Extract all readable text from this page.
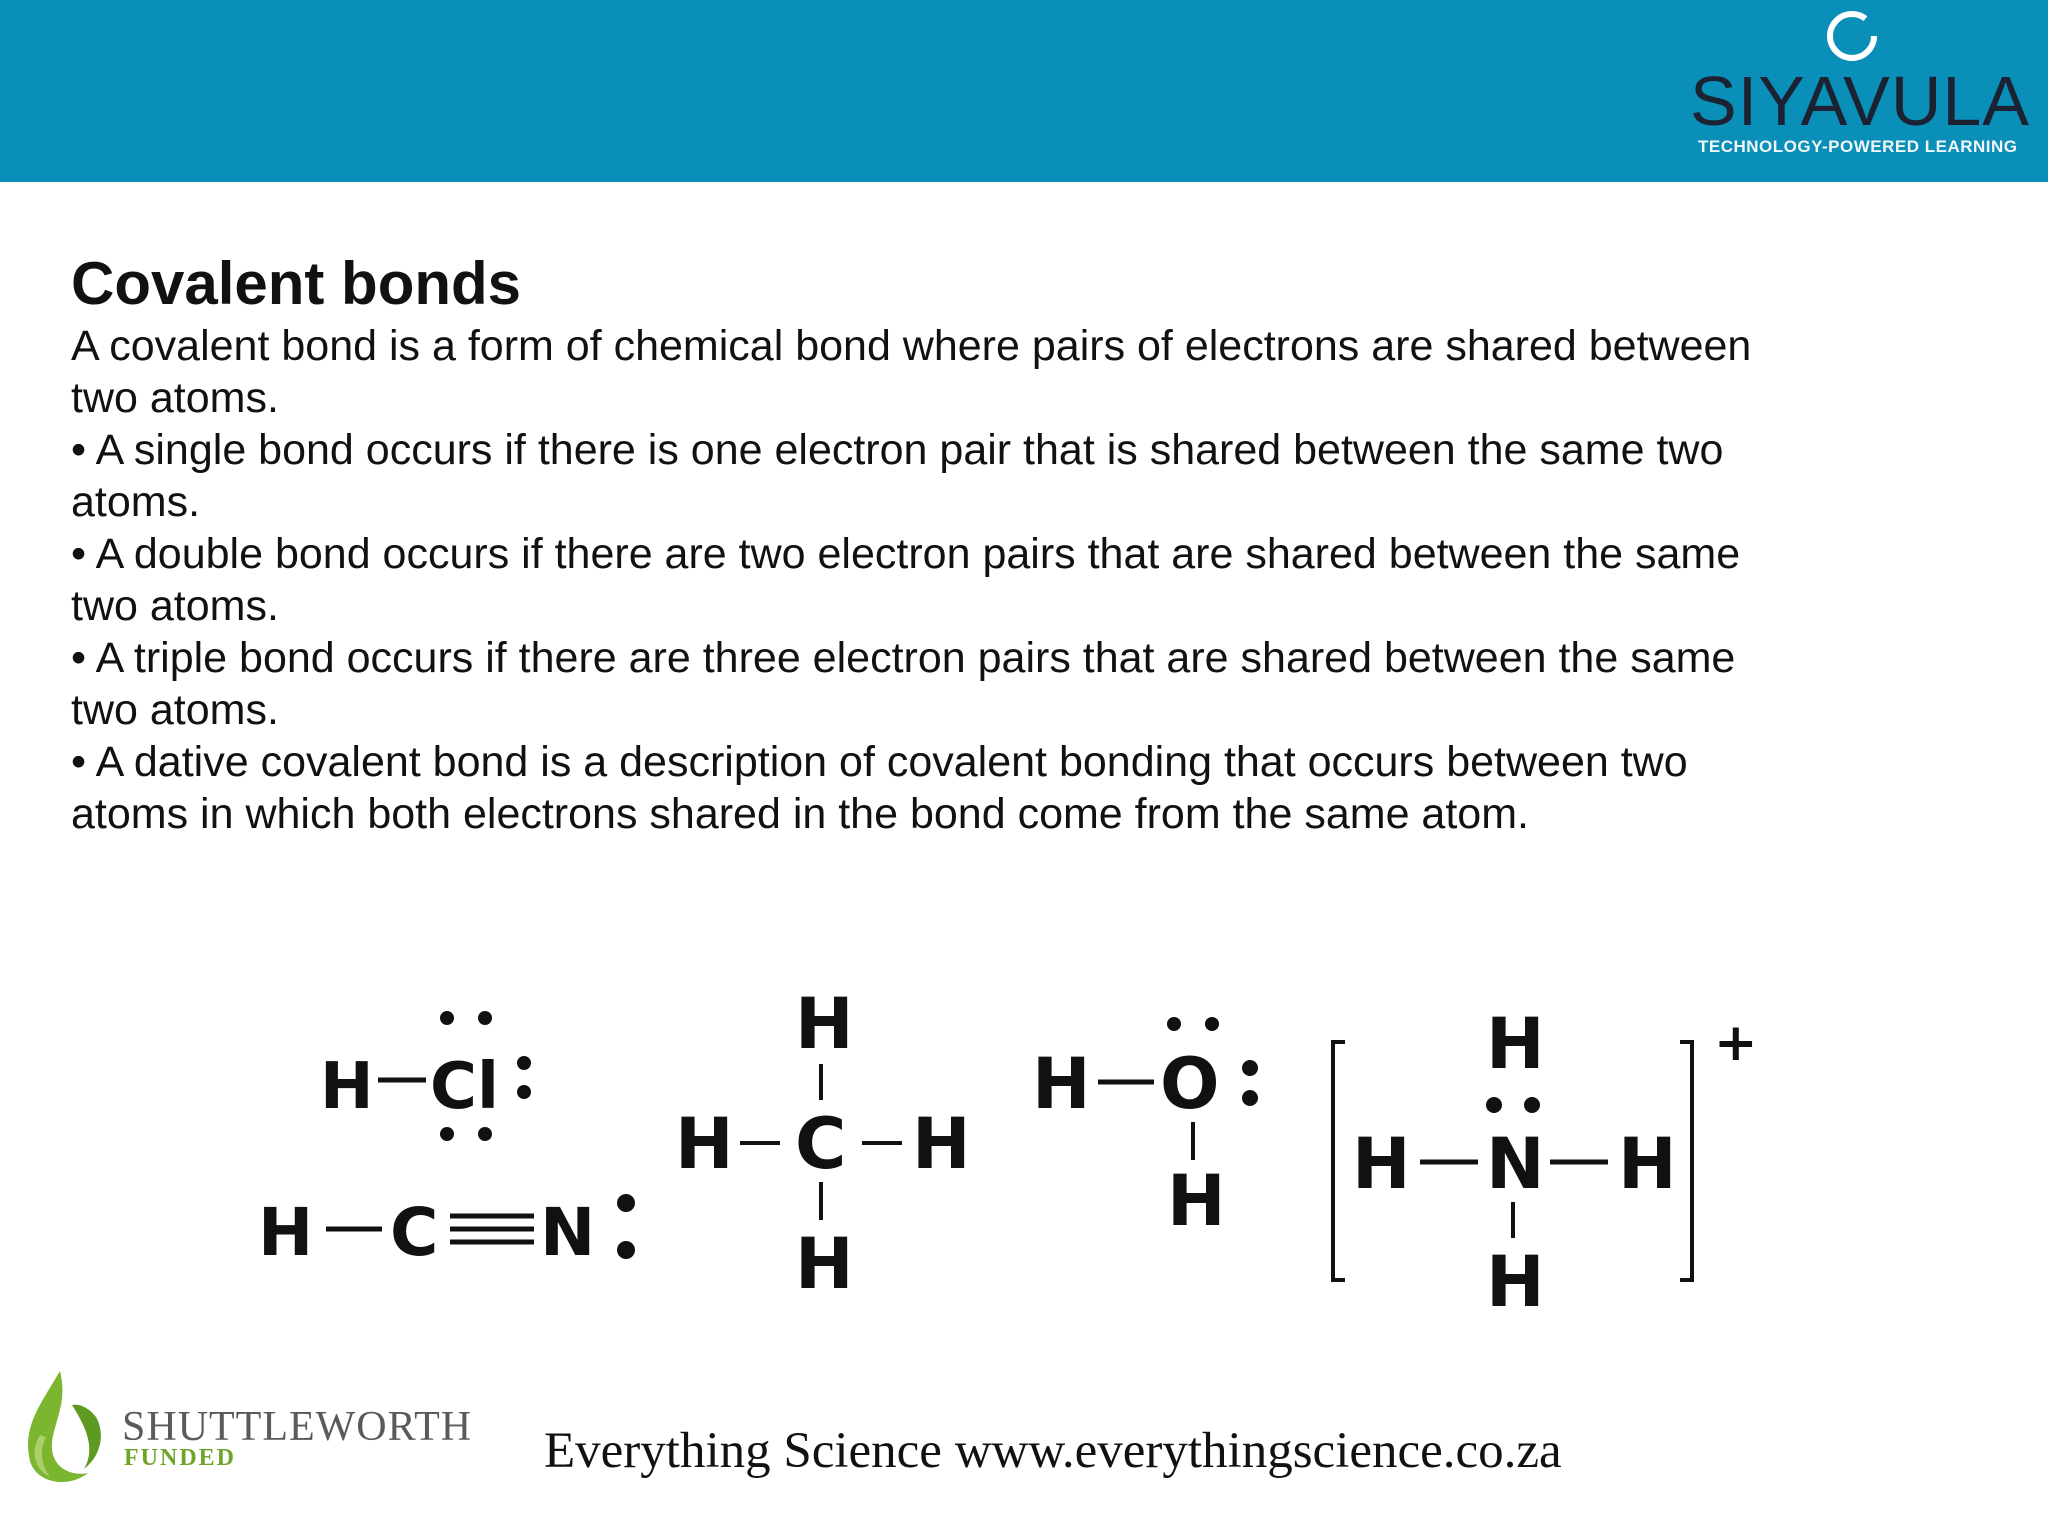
SIYAVULA
TECHNOLOGY-POWERED LEARNING
Covalent bonds

A covalent bond is a form of chemical bond where pairs of electrons are shared between

two atoms.

• A single bond occurs if there is one electron pair that is shared between the same two

atoms.

• A double bond occurs if there are two electron pairs that are shared between the same

two atoms.

• A triple bond occurs if there are three electron pairs that are shared between the same

two atoms.

• A dative covalent bond is a description of covalent bonding that occurs between two

atoms in which both electrons shared in the bond come from the same atom.

H Cl
H C N
H
H C H
H
H O
H
+
H
H N H
H
SHUTTLEWORTH
FUNDED	Everything Science www.everythingscience.co.za
